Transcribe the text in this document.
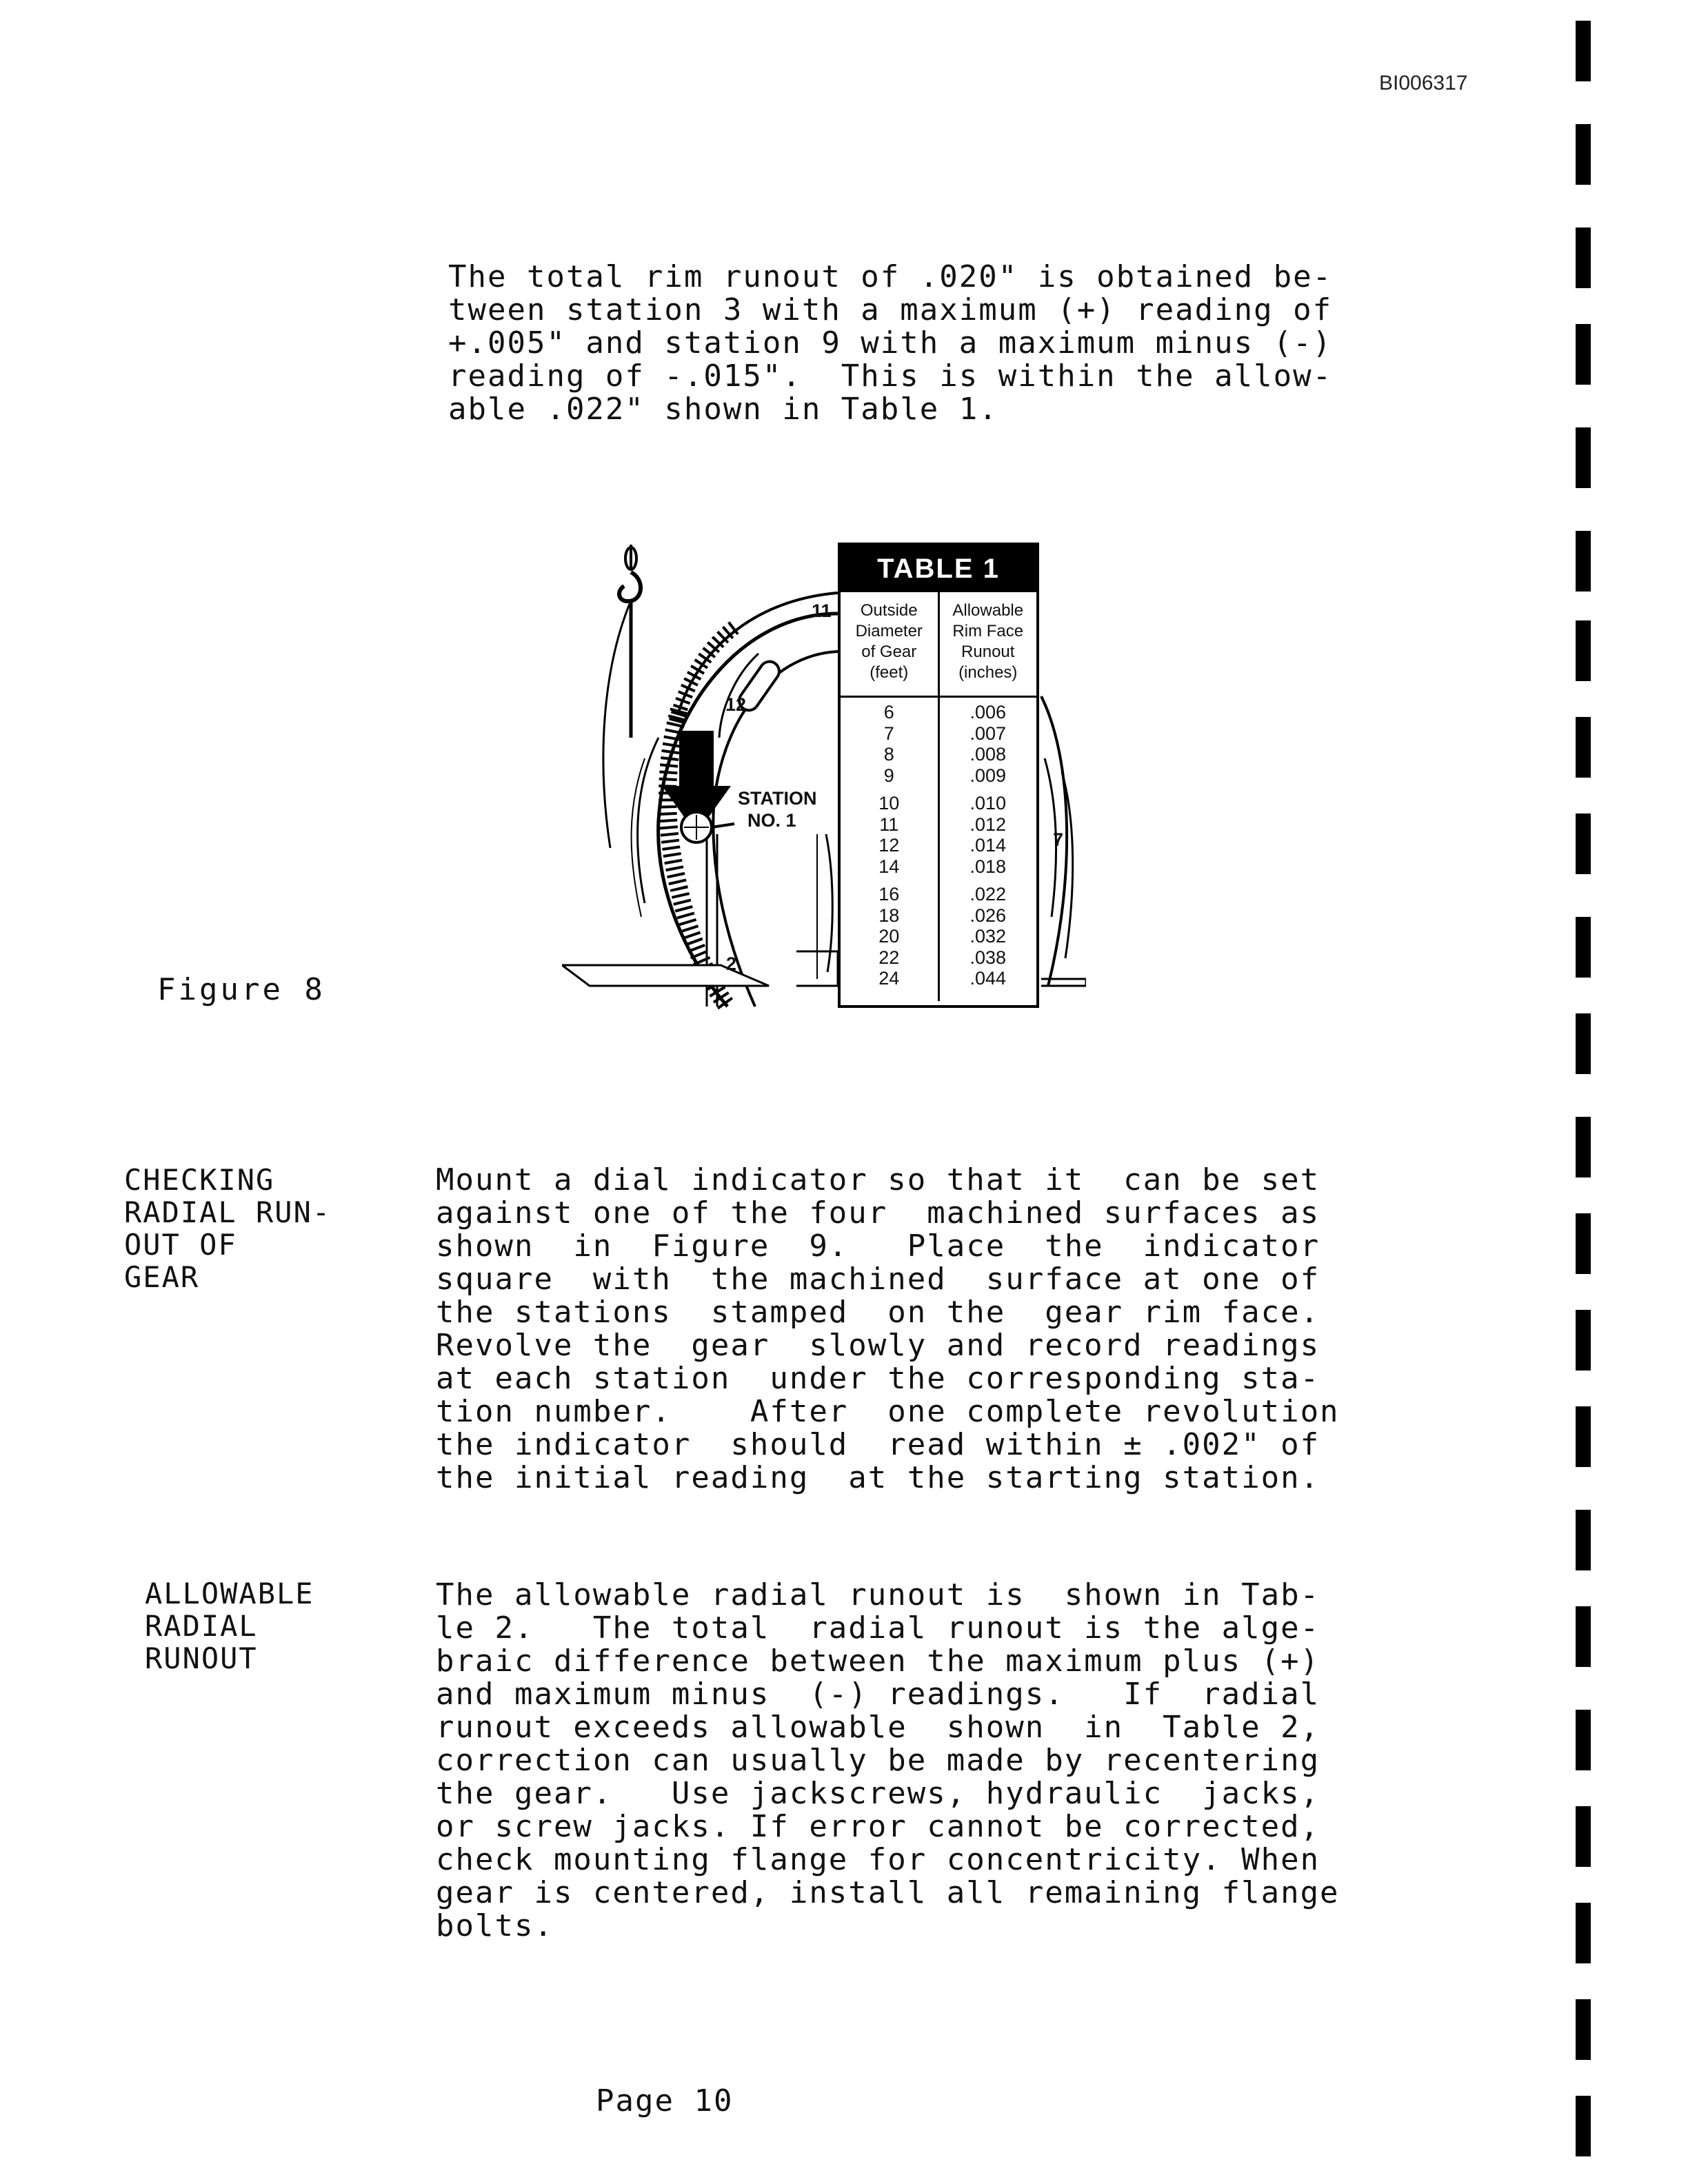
BI006317
The total rim runout of .020" is obtained be-
tween station 3 with a maximum (+) reading of
+.005" and station 9 with a maximum minus (-)
reading of -.015".  This is within the allow-
able .022" shown in Table 1.
STATION
NO. 1
11
12
2
7
TABLE 1
Outside
Diameter
of Gear
(feet)
Allowable
Rim Face
Runout
(inches)
6
7
8
9
10
11
12
14
16
18
20
22
24
.006
.007
.008
.009
.010
.012
.014
.018
.022
.026
.032
.038
.044
Figure 8
CHECKING
RADIAL RUN-
OUT OF
GEAR
Mount a dial indicator so that it  can be set
against one of the four  machined surfaces as
shown  in  Figure  9.   Place  the  indicator
square  with  the machined  surface at one of
the stations  stamped  on the  gear rim face.
Revolve the  gear  slowly and record readings
at each station  under the corresponding sta-
tion number.    After  one complete revolution
the indicator  should  read within ± .002" of
the initial reading  at the starting station.
ALLOWABLE
RADIAL
RUNOUT
The allowable radial runout is  shown in Tab-
le 2.   The total  radial runout is the alge-
braic difference between the maximum plus (+)
and maximum minus  (-) readings.   If  radial
runout exceeds allowable  shown  in  Table 2,
correction can usually be made by recentering
the gear.   Use jackscrews, hydraulic  jacks,
or screw jacks. If error cannot be corrected,
check mounting flange for concentricity. When
gear is centered, install all remaining flange
bolts.
Page 10
